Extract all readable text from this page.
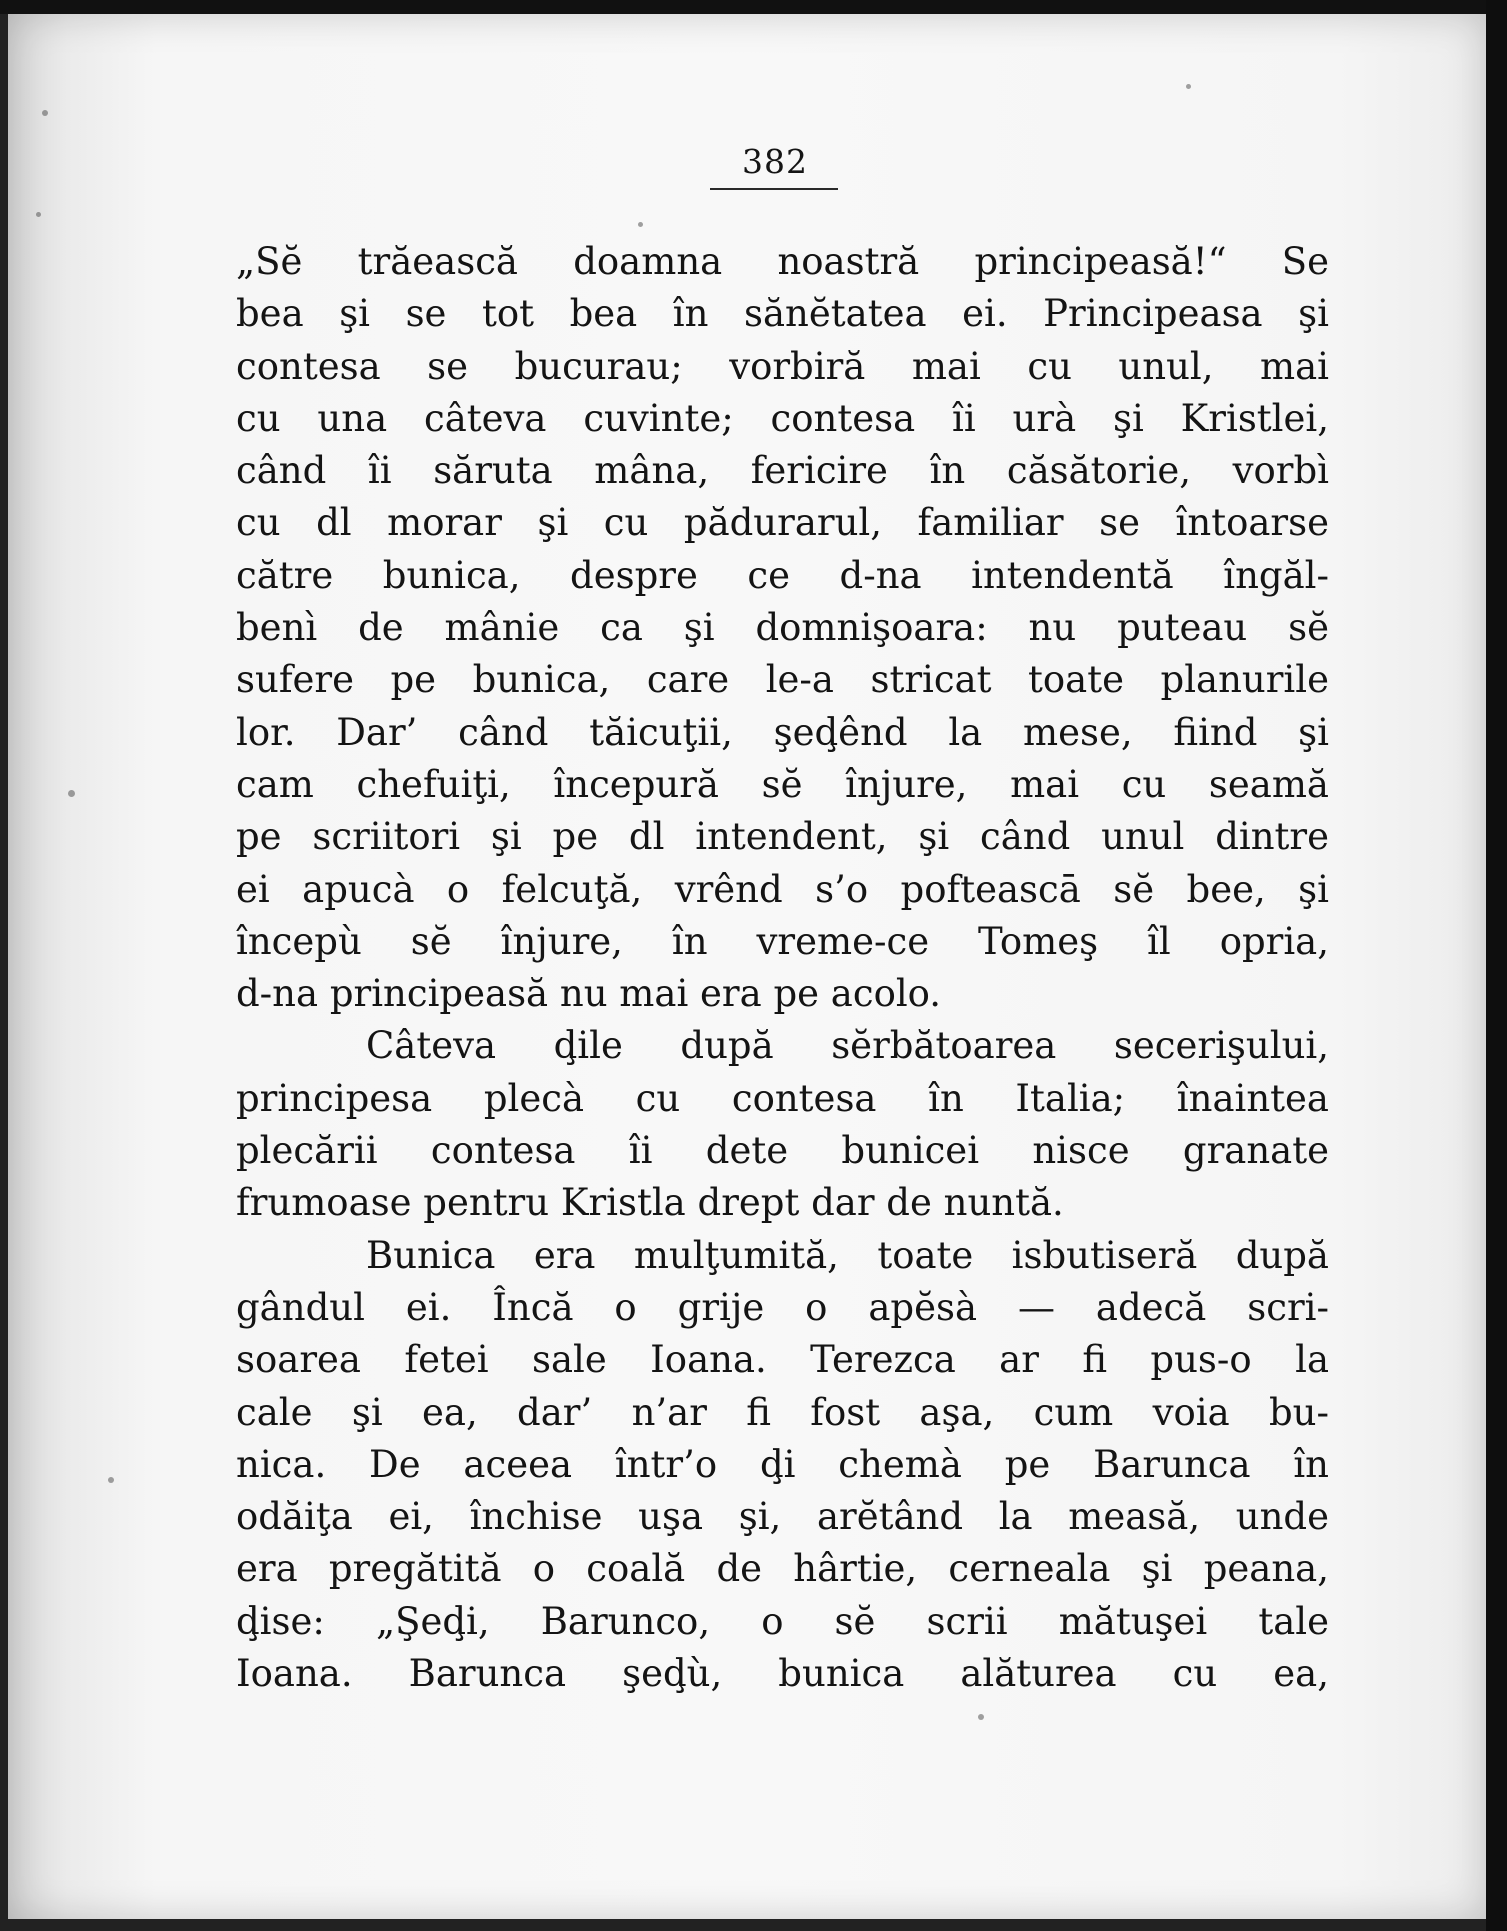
382
„Sĕ trăească doamna noastră principeasă!“ Se
bea şi se tot bea în sănĕtatea ei. Principeasa şi
contesa se bucurau; vorbiră mai cu unul, mai
cu una câteva cuvinte; contesa îi urà şi Kristlei,
când îi săruta mâna, fericire în căsătorie, vorbì
cu dl morar şi cu pădurarul, familiar se întoarse
către bunica, despre ce d-na intendentă îngăl-
benì de mânie ca şi domnişoara: nu puteau sĕ
sufere pe bunica, care le-a stricat toate planurile
lor. Dar’ când tăicuţii, şeḑênd la mese, fiind şi
cam chefuiţi, începură sĕ înjure, mai cu seamă
pe scriitori şi pe dl intendent, şi când unul dintre
ei apucà o felcuţă, vrênd s’o pofteascā sĕ bee, şi
începù sĕ înjure, în vreme-ce Tomeş îl opria,
d-na principeasă nu mai era pe acolo.
Câteva ḑile după sĕrbătoarea secerişului,
principesa plecà cu contesa în Italia; înaintea
plecării contesa îi dete bunicei nisce granate
frumoase pentru Kristla drept dar de nuntă.
Bunica era mulţumită, toate isbutiseră după
gândul ei. Încă o grije o apĕsà — adecă scri-
soarea fetei sale Ioana. Terezca ar fi pus-o la
cale şi ea, dar’ n’ar fi fost aşa, cum voia bu-
nica. De aceea într’o ḑi chemà pe Barunca în
odăiţa ei, închise uşa şi, arĕtând la measă, unde
era pregătită o coală de hârtie, cerneala şi peana,
ḑise: „Şeḑi, Barunco, o sĕ scrii mătuşei tale
Ioana. Barunca şeḑù, bunica alăturea cu ea,
